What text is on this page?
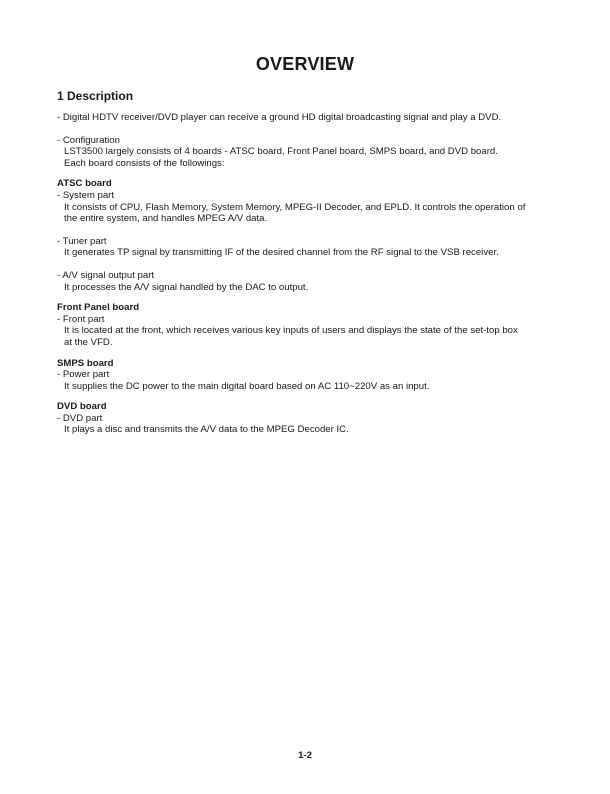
OVERVIEW
1 Description

- Digital HDTV receiver/DVD player can receive a ground HD digital broadcasting signal and play a DVD.

- Configuration

LST3500 largely consists of 4 boards - ATSC board, Front Panel board, SMPS board, and DVD board.

Each board consists of the followings:

ATSC board

- System part

It consists of CPU, Flash Memory, System Memory, MPEG-II Decoder, and EPLD. It controls the operation of

the entire system, and handles MPEG A/V data.

- Tuner part

It generates TP signal by transmitting IF of the desired channel from the RF signal to the VSB receiver.

- A/V signal output part

It processes the A/V signal handled by the DAC to output.

Front Panel board

- Front part

It is located at the front, which receives various key inputs of users and displays the state of the set-top box

at the VFD.

SMPS board

- Power part

It supplies the DC power to the main digital board based on AC 110~220V as an input.

DVD board

- DVD part

It plays a disc and transmits the A/V data to the MPEG Decoder IC.

1-2
